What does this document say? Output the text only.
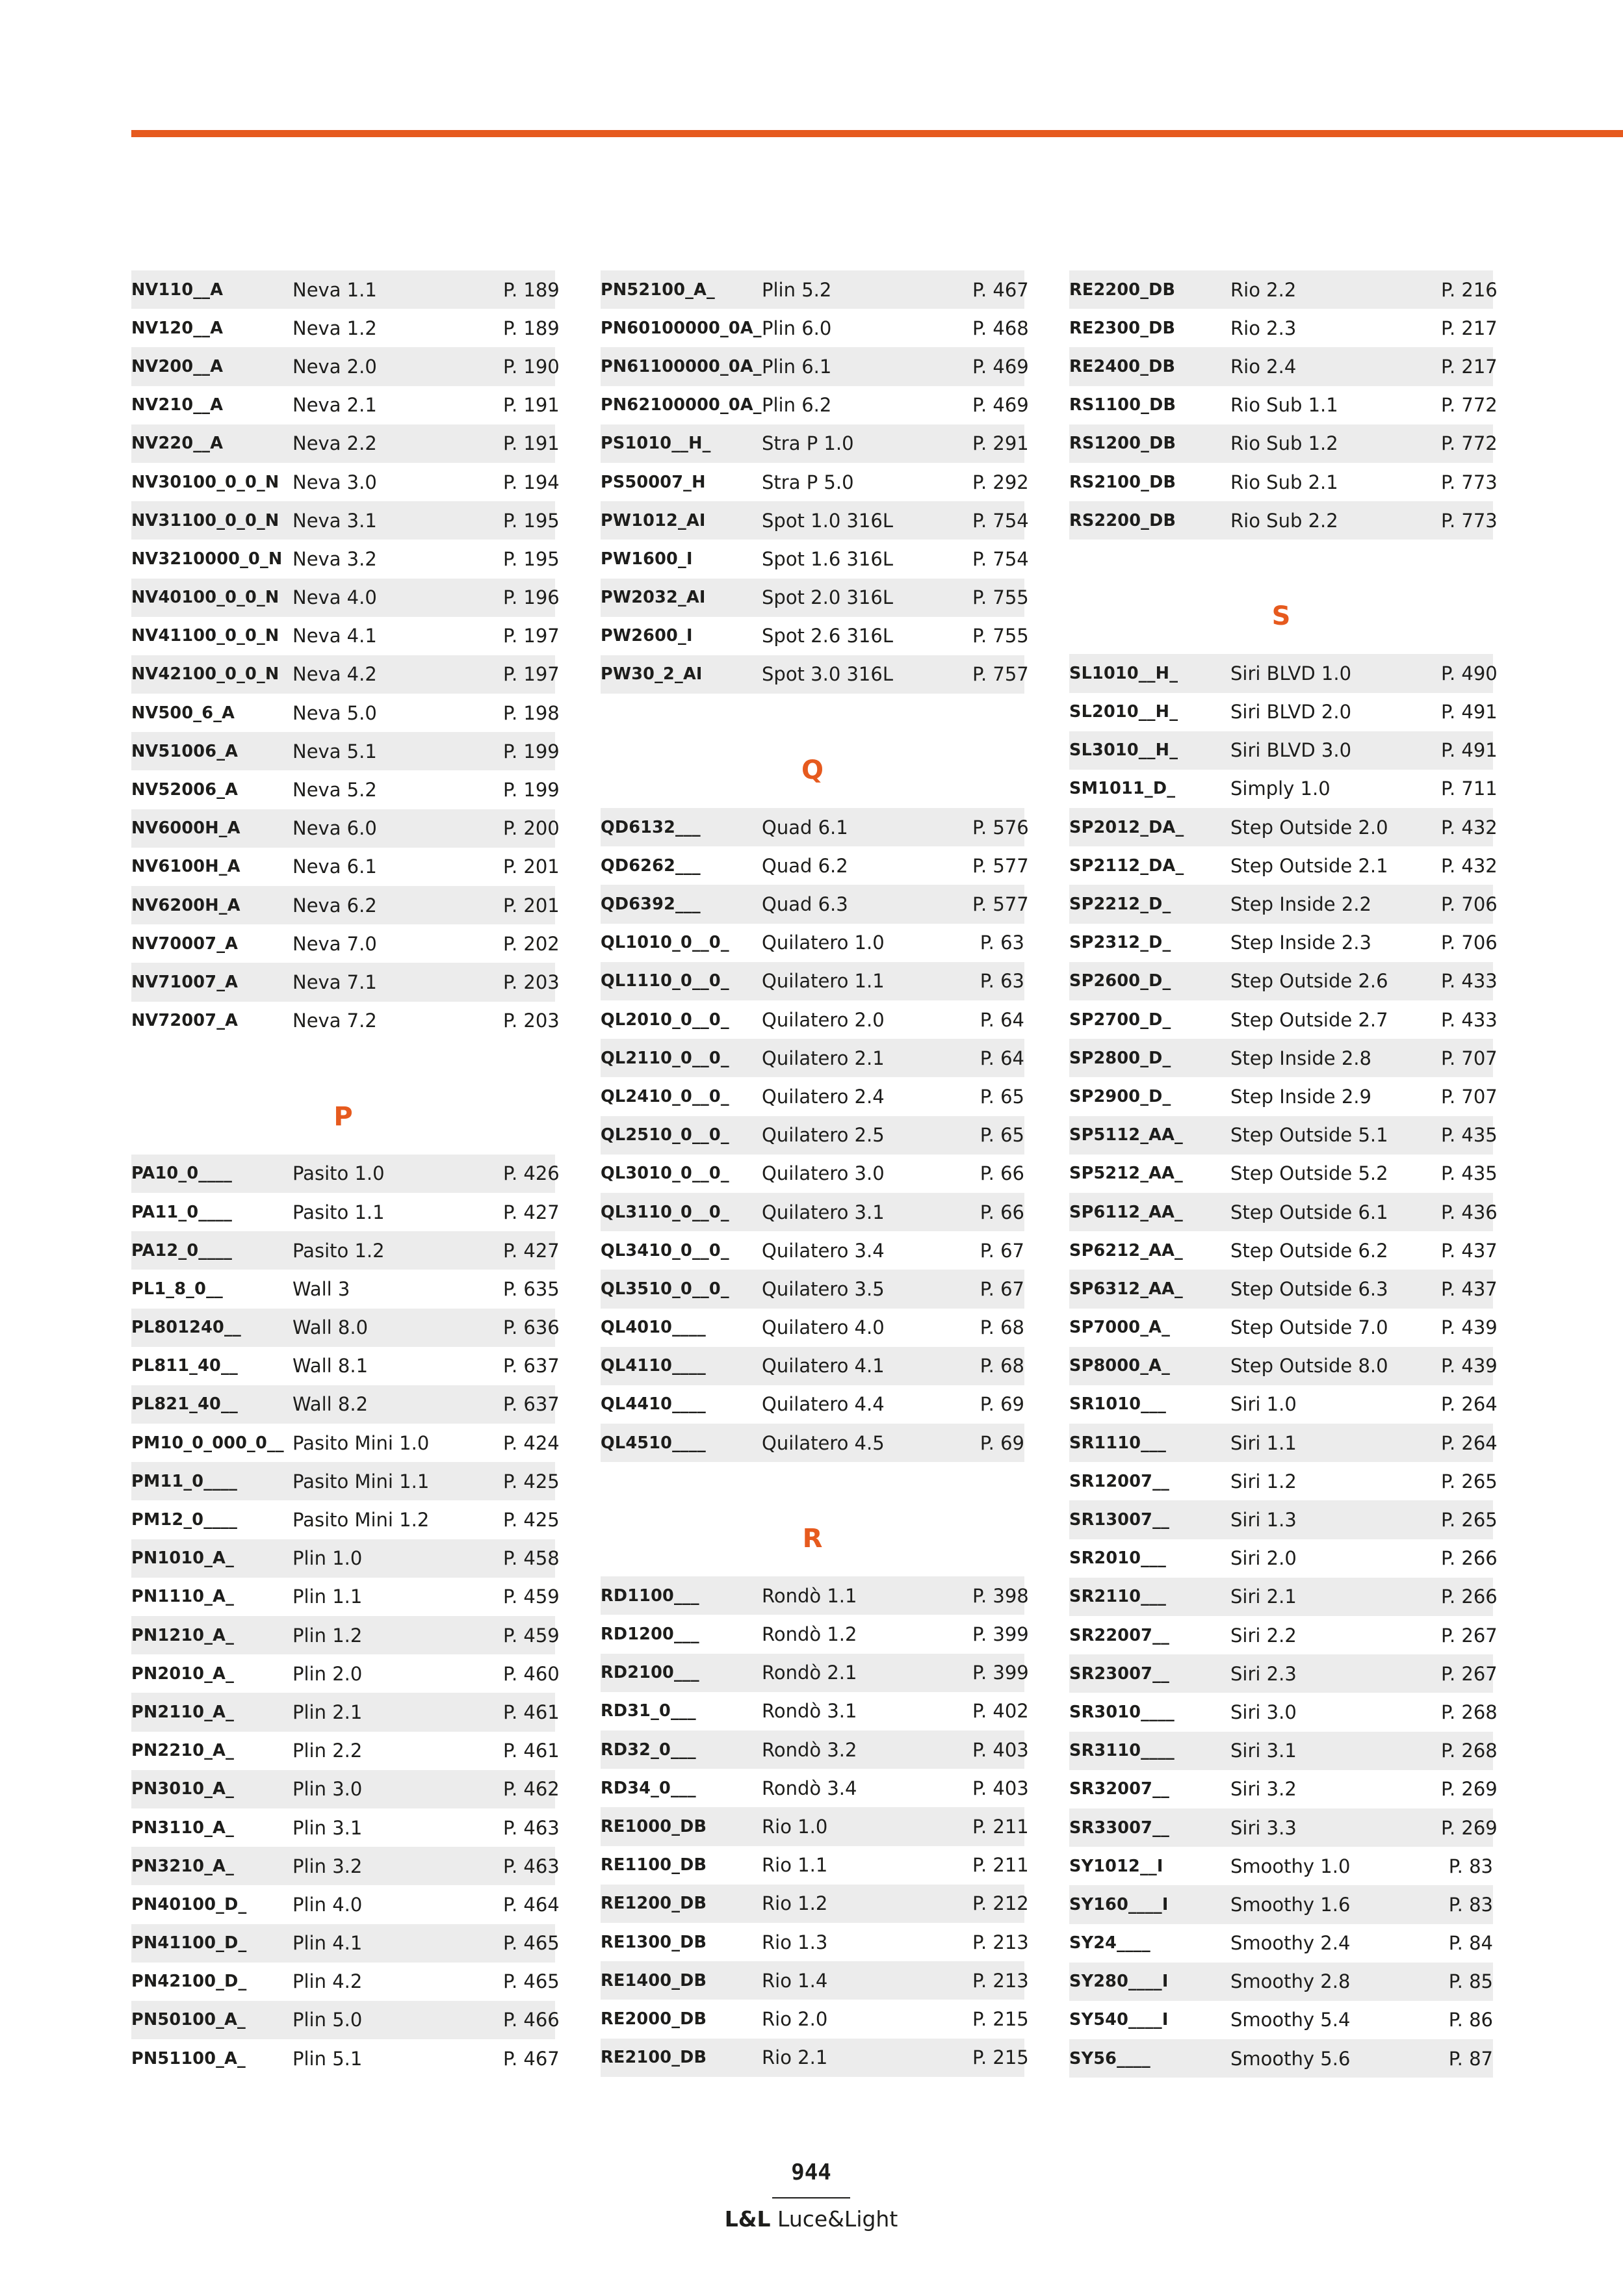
NV110__A	Neva 1.1	P. 189
NV120__A	Neva 1.2	P. 189
NV200__A	Neva 2.0	P. 190
NV210__A	Neva 2.1	P. 191
NV220__A	Neva 2.2	P. 191
NV30100_0_0_N Neva 3.0	P. 194
NV31100_0_0_N Neva 3.1	P. 195
NV3210000_0_N Neva 3.2	P. 195
NV40100_0_0_N Neva 4.0	P. 196
NV41100_0_0_N Neva 4.1	P. 197
NV42100_0_0_N Neva 4.2	P. 197
NV500_6_A	Neva 5.0	P. 198
NV51006_A	Neva 5.1	P. 199
NV52006_A	Neva 5.2	P. 199
NV6000H_A	Neva 6.0	P. 200
NV6100H_A	Neva 6.1	P. 201
NV6200H_A	Neva 6.2	P. 201
NV70007_A	Neva 7.0	P. 202
NV71007_A	Neva 7.1	P. 203
NV72007_A	Neva 7.2	P. 203
P
PA10_0____	Pasito 1.0	P. 426
PA11_0____	Pasito 1.1	P. 427
PA12_0____	Pasito 1.2	P. 427
PL1_8_0__	Wall 3	P. 635
PL801240__	Wall 8.0	P. 636
PL811_40__	Wall 8.1	P. 637
PL821_40__	Wall 8.2	P. 637
PM10_0_000_0__ Pasito Mini 1.0	P. 424
PM11_0____	Pasito Mini 1.1	P. 425
PM12_0____	Pasito Mini 1.2	P. 425
PN1010_A_	Plin 1.0	P. 458
PN1110_A_	Plin 1.1	P. 459
PN1210_A_	Plin 1.2	P. 459
PN2010_A_	Plin 2.0	P. 460
PN2110_A_	Plin 2.1	P. 461
PN2210_A_	Plin 2.2	P. 461
PN3010_A_	Plin 3.0	P. 462
PN3110_A_	Plin 3.1	P. 463
PN3210_A_	Plin 3.2	P. 463
PN40100_D_	Plin 4.0	P. 464
PN41100_D_	Plin 4.1	P. 465
PN42100_D_	Plin 4.2	P. 465
PN50100_A_	Plin 5.0	P. 466
PN51100_A_	Plin 5.1	P. 467
PN52100_A_	Plin 5.2	P. 467
PN60100000_0A_ Plin 6.0	P. 468
PN61100000_0A_ Plin 6.1	P. 469
PN62100000_0A_ Plin 6.2	P. 469
PS1010__H_	Stra P 1.0	P. 291
PS50007_H	Stra P 5.0	P. 292
PW1012_AI	Spot 1.0 316L	P. 754
PW1600_I	Spot 1.6 316L	P. 754
PW2032_AI	Spot 2.0 316L	P. 755
PW2600_I	Spot 2.6 316L	P. 755
PW30_2_AI	Spot 3.0 316L	P. 757
Q
QD6132___	Quad 6.1	P. 576
QD6262___	Quad 6.2	P. 577
QD6392___	Quad 6.3	P. 577
QL1010_0__0_	Quilatero 1.0	P. 63
QL1110_0__0_	Quilatero 1.1	P. 63
QL2010_0__0_	Quilatero 2.0	P. 64
QL2110_0__0_	Quilatero 2.1	P. 64
QL2410_0__0_	Quilatero 2.4	P. 65
QL2510_0__0_	Quilatero 2.5	P. 65
QL3010_0__0_	Quilatero 3.0	P. 66
QL3110_0__0_	Quilatero 3.1	P. 66
QL3410_0__0_	Quilatero 3.4	P. 67
QL3510_0__0_	Quilatero 3.5	P. 67
QL4010____	Quilatero 4.0	P. 68
QL4110____	Quilatero 4.1	P. 68
QL4410____	Quilatero 4.4	P. 69
QL4510____	Quilatero 4.5	P. 69
R
RD1100___	Rondò 1.1	P. 398
RD1200___	Rondò 1.2	P. 399
RD2100___	Rondò 2.1	P. 399
RD31_0___	Rondò 3.1	P. 402
RD32_0___	Rondò 3.2	P. 403
RD34_0___	Rondò 3.4	P. 403
RE1000_DB	Rio 1.0	P. 211
RE1100_DB	Rio 1.1	P. 211
RE1200_DB	Rio 1.2	P. 212
RE1300_DB	Rio 1.3	P. 213
RE1400_DB	Rio 1.4	P. 213
RE2000_DB	Rio 2.0	P. 215
RE2100_DB	Rio 2.1	P. 215
RE2200_DB	Rio 2.2	P. 216
RE2300_DB	Rio 2.3	P. 217
RE2400_DB	Rio 2.4	P. 217
RS1100_DB	Rio Sub 1.1	P. 772
RS1200_DB	Rio Sub 1.2	P. 772
RS2100_DB	Rio Sub 2.1	P. 773
RS2200_DB	Rio Sub 2.2	P. 773
S
SL1010__H_	Siri BLVD 1.0	P. 490
SL2010__H_	Siri BLVD 2.0	P. 491
SL3010__H_	Siri BLVD 3.0	P. 491
SM1011_D_	Simply 1.0	P. 711
SP2012_DA_	Step Outside 2.0	P. 432
SP2112_DA_	Step Outside 2.1	P. 432
SP2212_D_	Step Inside 2.2	P. 706
SP2312_D_	Step Inside 2.3	P. 706
SP2600_D_	Step Outside 2.6	P. 433
SP2700_D_	Step Outside 2.7	P. 433
SP2800_D_	Step Inside 2.8	P. 707
SP2900_D_	Step Inside 2.9	P. 707
SP5112_AA_	Step Outside 5.1	P. 435
SP5212_AA_	Step Outside 5.2	P. 435
SP6112_AA_	Step Outside 6.1	P. 436
SP6212_AA_	Step Outside 6.2	P. 437
SP6312_AA_	Step Outside 6.3	P. 437
SP7000_A_	Step Outside 7.0	P. 439
SP8000_A_	Step Outside 8.0	P. 439
SR1010___	Siri 1.0	P. 264
SR1110___	Siri 1.1	P. 264
SR12007__	Siri 1.2	P. 265
SR13007__	Siri 1.3	P. 265
SR2010___	Siri 2.0	P. 266
SR2110___	Siri 2.1	P. 266
SR22007__	Siri 2.2	P. 267
SR23007__	Siri 2.3	P. 267
SR3010____	Siri 3.0	P. 268
SR3110____	Siri 3.1	P. 268
SR32007__	Siri 3.2	P. 269
SR33007__	Siri 3.3	P. 269
SY1012__I	Smoothy 1.0	P. 83
SY160____I	Smoothy 1.6	P. 83
SY24____	Smoothy 2.4	P. 84
SY280____I	Smoothy 2.8	P. 85
SY540____I	Smoothy 5.4	P. 86
SY56____	Smoothy 5.6	P. 87
944
L&L Luce&Light
